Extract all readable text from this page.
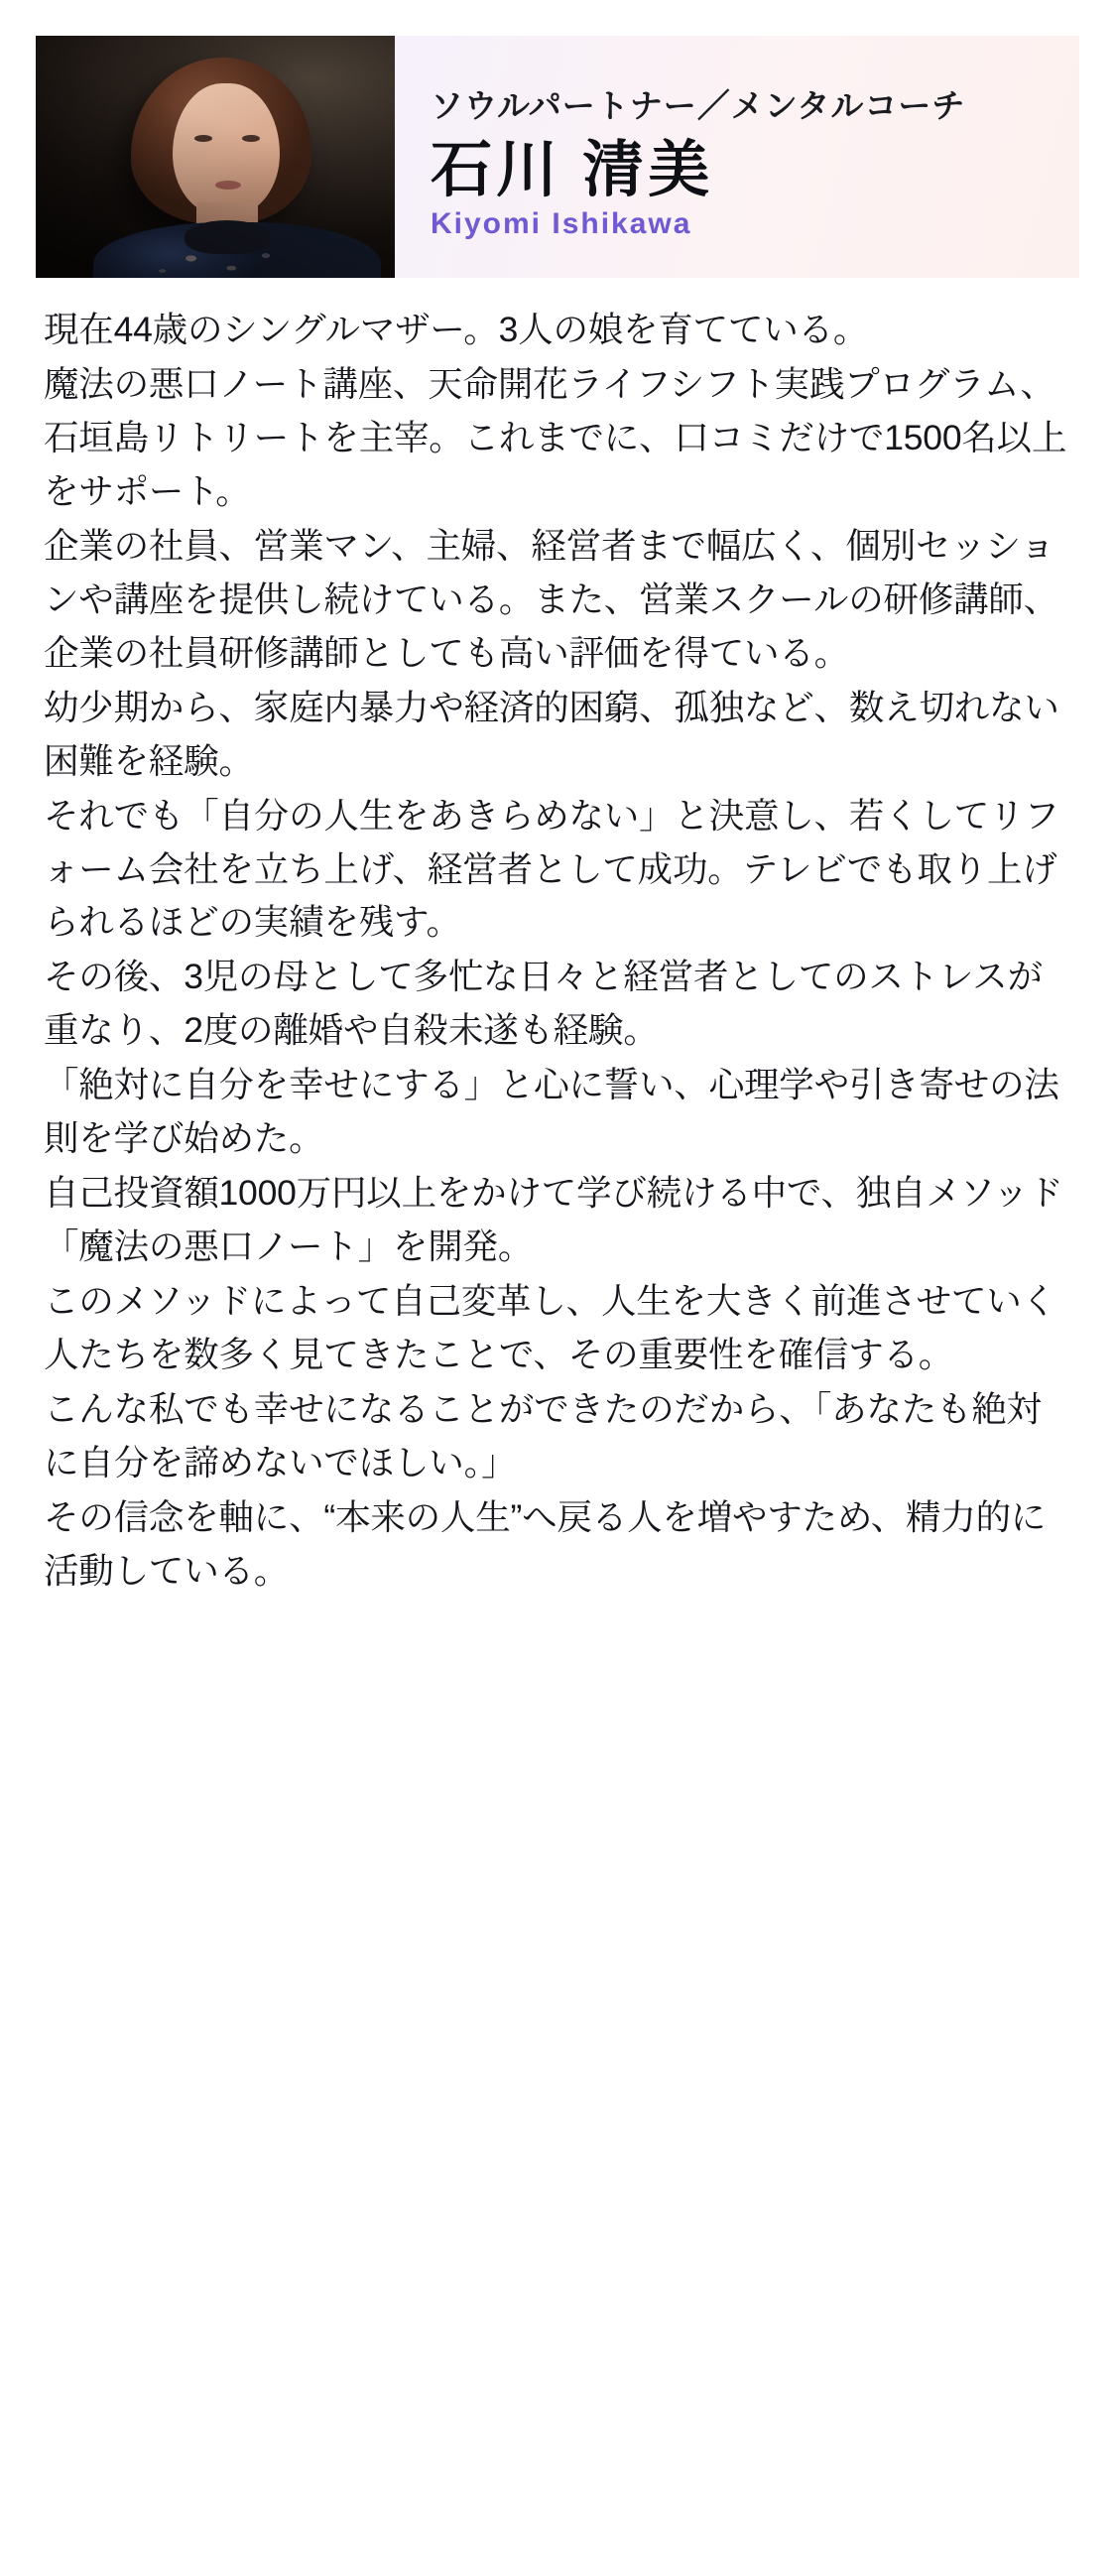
ソウルパートナー／メンタルコーチ
石川 清美
Kiyomi Ishikawa

現在44歳のシングルマザー。3人の娘を育てている。

魔法の悪口ノート講座、天命開花ライフシフト実践プログラム、石垣島リトリートを主宰。これまでに、口コミだけで1500名以上をサポート。

企業の社員、営業マン、主婦、経営者まで幅広く、個別セッションや講座を提供し続けている。また、営業スクールの研修講師、企業の社員研修講師としても高い評価を得ている。

幼少期から、家庭内暴力や経済的困窮、孤独など、数え切れない困難を経験。

それでも「自分の人生をあきらめない」と決意し、若くしてリフォーム会社を立ち上げ、経営者として成功。テレビでも取り上げられるほどの実績を残す。

その後、3児の母として多忙な日々と経営者としてのストレスが重なり、2度の離婚や自殺未遂も経験。

「絶対に自分を幸せにする」と心に誓い、心理学や引き寄せの法則を学び始めた。

自己投資額1000万円以上をかけて学び続ける中で、独自メソッド「魔法の悪口ノート」を開発。

このメソッドによって自己変革し、人生を大きく前進させていく人たちを数多く見てきたことで、その重要性を確信する。

こんな私でも幸せになることができたのだから、「あなたも絶対に自分を諦めないでほしい。」

その信念を軸に、“本来の人生”へ戻る人を増やすため、精力的に活動している。
